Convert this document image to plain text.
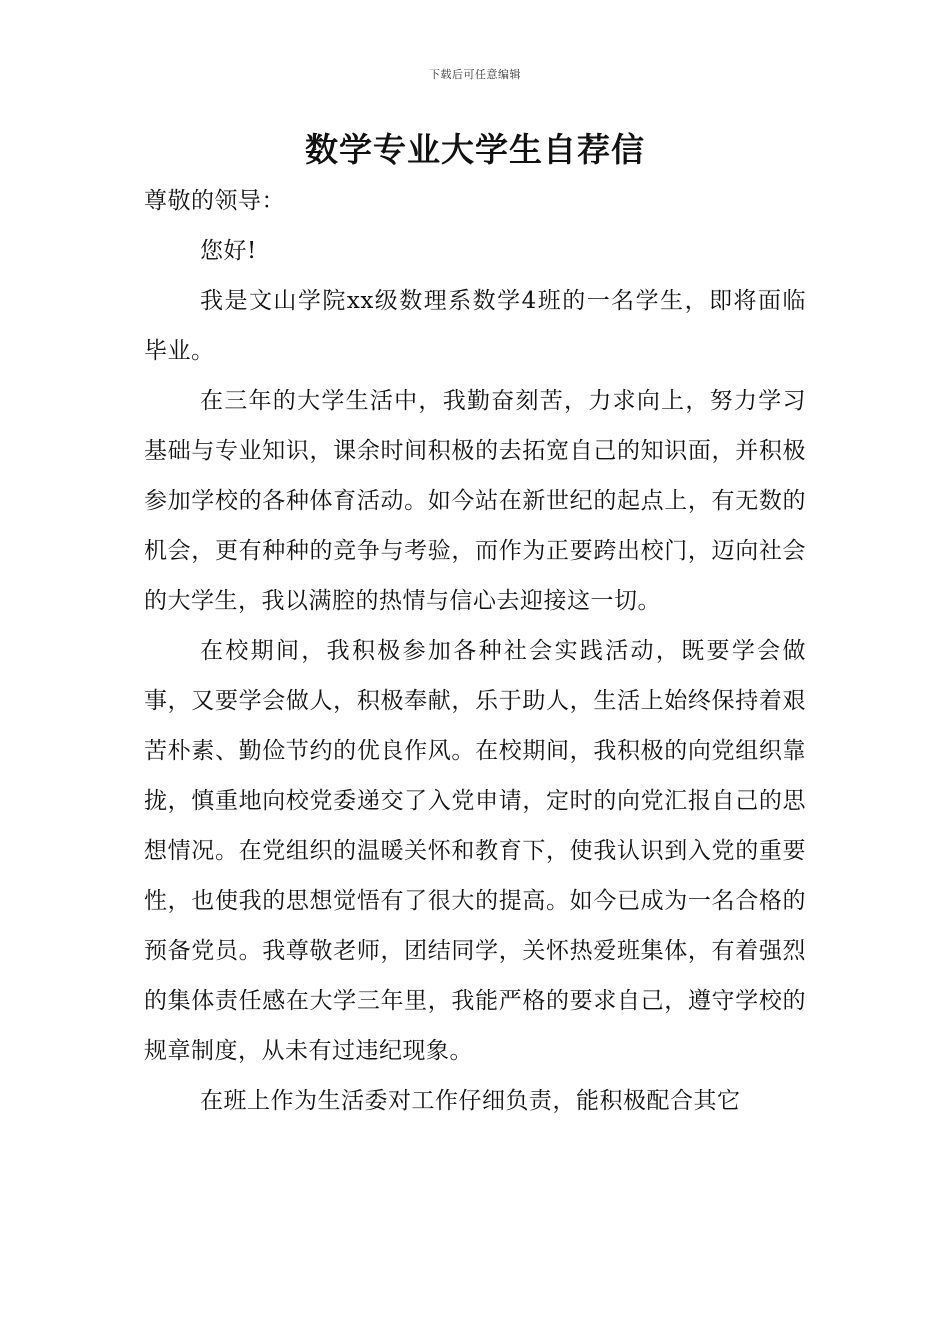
下载后可任意编辑
数学专业大学生自荐信

尊敬的领导：

您好!

我是文山学院xx级数理系数学4班的一名学生，即将面临毕业。

在三年的大学生活中，我勤奋刻苦，力求向上，努力学习基础与专业知识，课余时间积极的去拓宽自己的知识面，并积极参加学校的各种体育活动。如今站在新世纪的起点上，有无数的机会，更有种种的竞争与考验，而作为正要跨出校门，迈向社会的大学生，我以满腔的热情与信心去迎接这一切。

在校期间，我积极参加各种社会实践活动，既要学会做事，又要学会做人，积极奉献，乐于助人，生活上始终保持着艰苦朴素、勤俭节约的优良作风。在校期间，我积极的向党组织靠拢，慎重地向校党委递交了入党申请，定时的向党汇报自己的思想情况。在党组织的温暖关怀和教育下，使我认识到入党的重要性，也使我的思想觉悟有了很大的提高。如今已成为一名合格的预备党员。我尊敬老师，团结同学，关怀热爱班集体，有着强烈的集体责任感在大学三年里，我能严格的要求自己，遵守学校的规章制度，从未有过违纪现象。

在班上作为生活委对工作仔细负责，能积极配合其它
